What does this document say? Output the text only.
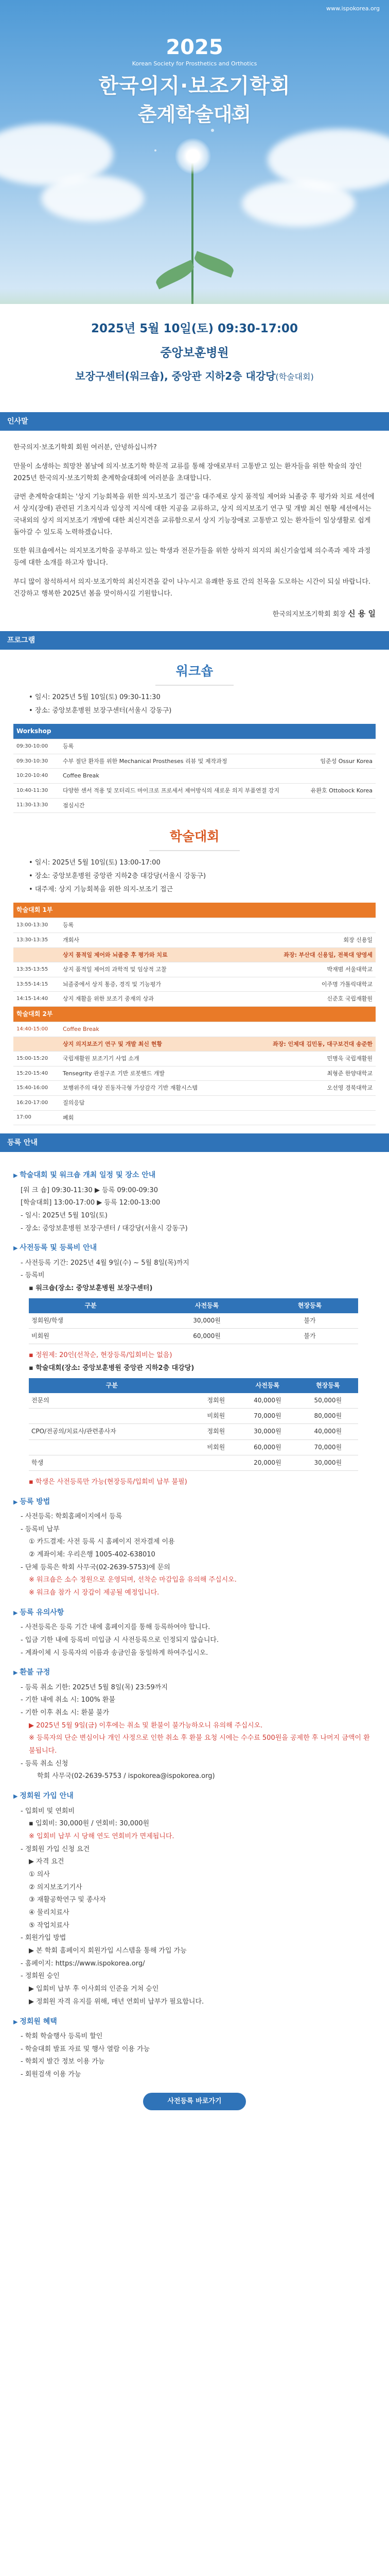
www.ispokorea.org
2025
Korean Society for Prosthetics and Orthotics
한국의지·보조기학회
춘계학술대회
2025년 5월 10일(토) 09:30-17:00
중앙보훈병원
보장구센터(워크숍), 중앙관 지하2층 대강당(학술대회)
인사말

한국의지·보조기학회 회원 여러분, 안녕하십니까?

만물이 소생하는 희망찬 봄날에 의지·보조기학 학문적 교류를 통해 장애로부터 고통받고 있는 환자들을 위한 학술의 장인 2025년 한국의지·보조기학회 춘계학술대회에 여러분을 초대합니다.

금번 춘계학술대회는 '상지 기능회복을 위한 의지-보조기 접근'을 대주제로 상지 품적일 제어와 뇌졸중 후 평가와 치료 세션에서 상지(장애) 관련된 기초지식과 임상적 지식에 대한 지공을 교류하고, 상지 의지보조기 연구 및 개발 최신 현황 세션에서는 국내외의 상지 의지보조기 개발에 대한 최신지견을 교류함으로서 상지 기능장애로 고통받고 있는 환자들이 일상생활로 쉽게 돌아갈 수 있도록 노력하겠습니다.

또한 워크숍에서는 의지보조기학을 공부하고 있는 학생과 전문가들을 위한 상하지 의지의 최신기술업체 의수족과 제작 과정 등에 대한 소개를 하고자 합니다.

부디 많이 참석하셔서 의지·보조기학의 최신지견을 같이 나누시고 유쾌한 동료 간의 친목을 도모하는 시간이 되실 바랍니다. 건강하고 행복한 2025년 봄을 맞이하시길 기원합니다.

한국의지보조기학회 회장 신 용 일
프로그램
워크숍
• 일시: 2025년 5월 10일(토) 09:30-11:30
• 장소: 중앙보훈병원 보장구센터(서울시 강동구)
Workshop		
09:30-10:00	등록	
09:30-10:30	수부 절단 환자를 위한 Mechanical Prostheses 리뷰 및 제작과정	임준성 Ossur Korea
10:20-10:40	Coffee Break	
10:40-11:30	다양한 센서 적용 및 모터리드 마이크로 프로세서 제어방식의 새로운 의지 부품연결 강지	유완호 Ottobock Korea
11:30-13:30	점심시간	
학술대회
• 일시: 2025년 5월 10일(토) 13:00-17:00
• 장소: 중앙보훈병원 중앙관 지하2층 대강당(서울시 강동구)
• 대주제: 상지 기능회복을 위한 의지-보조기 접근
학술대회 1부		
13:00-13:30	등록	
13:30-13:35	개회사	회장 신용일
	상지 품적일 제어와 뇌졸중 후 평가와 치료	좌장: 부산대 신용일, 전북대 양영세
13:35-13:55	상지 품적일 제어의 과학적 및 임상적 고찰	박재범 서울대학교
13:55-14:15	뇌졸중에서 상지 통증, 경직 및 기능평가	이주명 가톨릭대학교
14:15-14:40	상지 재활을 위한 보조기 중재의 상과	신준호 국립재활원
학술대회 2부		
14:40-15:00	Coffee Break	
	상지 의지보조기 연구 및 개발 최신 현황	좌장: 인제대 김민동, 대구보건대 송준한
15:00-15:20	국립재활원 보조기기 사업 소개	민병욱 국립재활원
15:20-15:40	Tensegrity 관절구조 기반 로봇핸드 개발	최형준 한양대학교
15:40-16:00	보행위주의 대상 진동자극형 가상감각 기반 재활시스템	오선영 경북대학교
16:20-17:00	질의응답	
17:00	폐회	
등록 안내
▶ 학술대회 및 워크숍 개최 일정 및 장소 안내
[워 크 숍] 09:30-11:30 ▶ 등록 09:00-09:30
[학술대회] 13:00-17:00 ▶ 등록 12:00-13:00
- 일시: 2025년 5월 10일(토)
- 장소: 중앙보훈병원 보장구센터 / 대강당(서울시 강동구)
▶ 사전등록 및 등록비 안내
- 사전등록 기간: 2025년 4월 9일(수) ~ 5월 8일(목)까지
- 등록비
▪ 워크숍(장소: 중앙보훈병원 보장구센터)
구분	사전등록	현장등록
정회원/학생	30,000원	불가
비회원	60,000원	불가
▪ 정원제: 20인(선착순, 현장등록/입회비는 없음)
▪ 학술대회(장소: 중앙보훈병원 중앙관 지하2층 대강당)
구분		사전등록	현장등록
전문의	정회원	40,000원	50,000원
	비회원	70,000원	80,000원
CPO/전공의/치료사/관련종사자	정회원	30,000원	40,000원
	비회원	60,000원	70,000원
학생		20,000원	30,000원
▪ 학생은 사전등록만 가능(현장등록/입회비 납부 불필)
▶ 등록 방법
- 사전등록: 학회홈페이지에서 등록
- 등록비 납부
① 카드결제: 사전 등록 시 홈페이지 전자결제 이용
② 계좌이체: 우리은행 1005-402-638010
- 단체 등록은 학회 사무국(02-2639-5753)에 문의
※ 워크숍은 소수 정원으로 운영되며, 선착순 마감입을 유의해 주십시오.
※ 워크숍 참가 시 장갑이 제공될 예정입니다.
▶ 등록 유의사항
- 사전등록은 등록 기간 내에 홈페이지를 통해 등록하여야 합니다.
- 입금 기한 내에 등록비 미입금 시 사전등록으로 인정되지 않습니다.
- 계좌이체 시 등록자의 이름과 송금인을 동일하게 하여주십시오.
▶ 환불 규정
- 등록 취소 기한: 2025년 5월 8일(목) 23:59까지
- 기한 내에 취소 시: 100% 환불
- 기한 이후 취소 시: 환불 불가
▶ 2025년 5월 9일(금) 이후에는 취소 및 환불이 불가능하오니 유의해 주십시오.
※ 등록자의 단순 변심이나 개인 사정으로 인한 취소 후 환불 요청 시에는 수수료 500원을 공제한 후 나머지 금액이 환불됩니다.
- 등록 취소 신청
학회 사무국(02-2639-5753 / ispokorea@ispokorea.org)
▶ 정회원 가입 안내
- 입회비 및 연회비
▪ 입회비: 30,000원 / 연회비: 30,000원
※ 입회비 납부 시 당해 연도 연회비가 면제됩니다.
- 정회원 가입 신청 요건
▶ 자격 요건
① 의사
② 의지보조기기사
③ 재활공학연구 및 종사자
④ 물리치료사
⑤ 작업치료사
- 회원가입 방법
▶ 본 학회 홈페이지 회원가입 시스템을 통해 가입 가능
- 홈페이지: https://www.ispokorea.org/
- 정회원 승인
▶ 입회비 납부 후 이사회의 인준을 거쳐 승인
▶ 정회원 자격 유지를 위해, 매년 연회비 납부가 필요합니다.
▶ 정회원 혜택
- 학회 학술행사 등록비 할인
- 학술대회 발표 자료 및 행사 열람 이용 가능
- 학회지 발간 정보 이용 가능
- 회원검색 이용 가능
사전등록 바로가기
